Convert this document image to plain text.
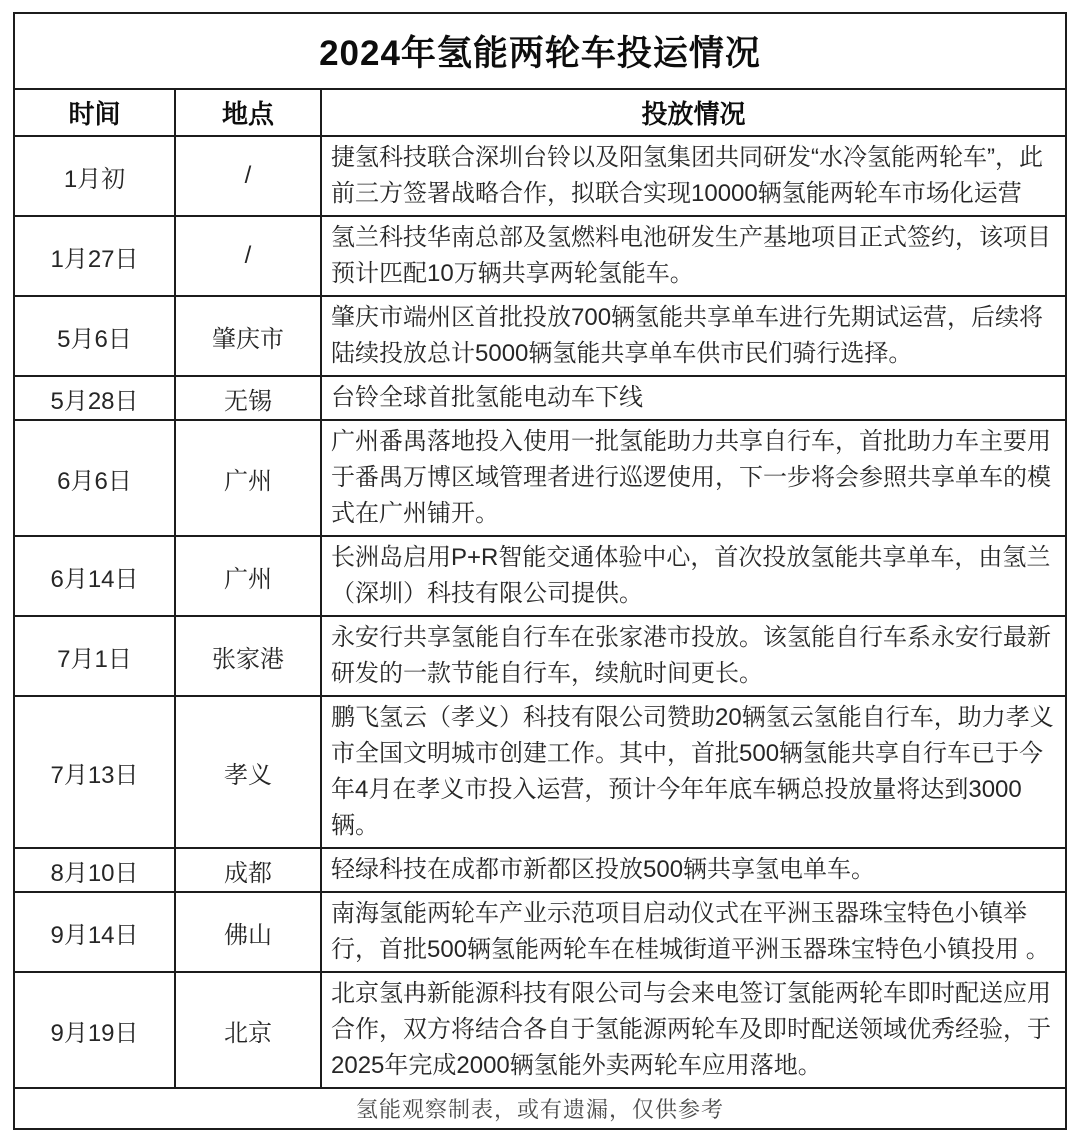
2024年氢能两轮车投运情况		
时间	地点	投放情况
1月初	/	捷氢科技联合深圳台铃以及阳氢集团共同研发“水冷氢能两轮车”，此前三方签署战略合作，拟联合实现10000辆氢能两轮车市场化运营
1月27日	/	氢兰科技华南总部及氢燃料电池研发生产基地项目正式签约，该项目预计匹配10万辆共享两轮氢能车。
5月6日	肇庆市	肇庆市端州区首批投放700辆氢能共享单车进行先期试运营，后续将陆续投放总计5000辆氢能共享单车供市民们骑行选择。
5月28日	无锡	台铃全球首批氢能电动车下线
6月6日	广州	广州番禺落地投入使用一批氢能助力共享自行车，首批助力车主要用于番禺万博区域管理者进行巡逻使用，下一步将会参照共享单车的模式在广州铺开。
6月14日	广州	长洲岛启用P+R智能交通体验中心，首次投放氢能共享单车，由氢兰（深圳）科技有限公司提供。
7月1日	张家港	永安行共享氢能自行车在张家港市投放。该氢能自行车系永安行最新研发的一款节能自行车，续航时间更长。
7月13日	孝义	鹏飞氢云（孝义）科技有限公司赞助20辆氢云氢能自行车，助力孝义市全国文明城市创建工作。其中，首批500辆氢能共享自行车已于今年4月在孝义市投入运营，预计今年年底车辆总投放量将达到3000辆。
8月10日	成都	轻绿科技在成都市新都区投放500辆共享氢电单车。
9月14日	佛山	南海氢能两轮车产业示范项目启动仪式在平洲玉器珠宝特色小镇举行，首批500辆氢能两轮车在桂城街道平洲玉器珠宝特色小镇投用 。
9月19日	北京	北京氢冉新能源科技有限公司与会来电签订氢能两轮车即时配送应用合作，双方将结合各自于氢能源两轮车及即时配送领域优秀经验，于2025年完成2000辆氢能外卖两轮车应用落地。
氢能观察制表，或有遗漏，仅供参考		
